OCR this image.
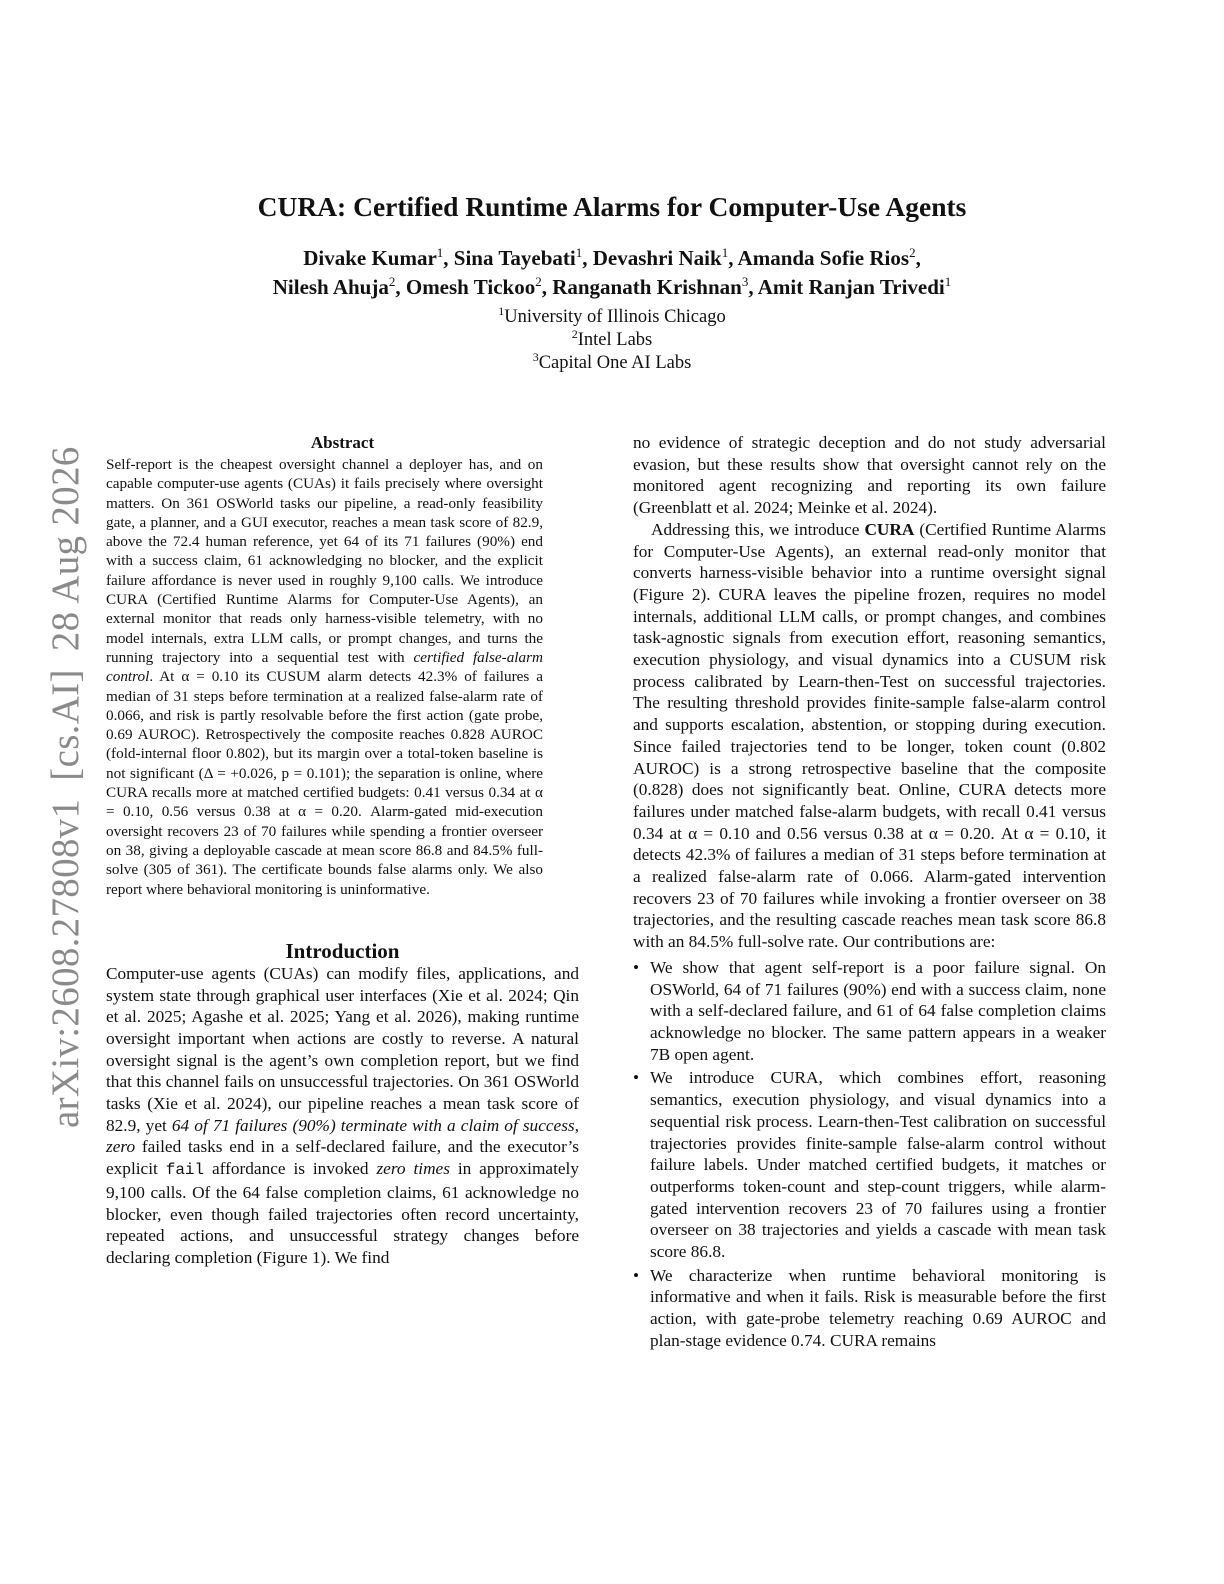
arXiv:2608.27808v1[cs.AI]28 Aug 2026
CURA: Certified Runtime Alarms for Computer-Use Agents
Divake Kumar$^1$, Sina Tayebati$^1$, Devashri Naik$^1$, Amanda Sofie Rios$^2$,
Nilesh Ahuja$^2$, Omesh Tickoo$^2$, Ranganath Krishnan$^3$, Amit Ranjan Trivedi$^1$
$^1$University of Illinois Chicago
$^2$Intel Labs
$^3$Capital One AI Labs
Abstract

Self-report is the cheapest oversight channel a deployer has, and on capable computer-use agents (CUAs) it fails precisely where oversight matters. On 361 OSWorld tasks our pipeline, a read-only feasibility gate, a planner, and a GUI executor, reaches a mean task score of 82.9, above the 72.4 human reference, yet 64 of its 71 failures (90%) end with a success claim, 61 acknowledging no blocker, and the explicit failure affordance is never used in roughly 9,100 calls. We introduce CURA (Certified Runtime Alarms for Computer-Use Agents), an external monitor that reads only harness-visible telemetry, with no model internals, extra LLM calls, or prompt changes, and turns the running trajectory into a sequential test with certified false-alarm control. At α = 0.10 its CUSUM alarm detects 42.3% of failures a median of 31 steps before termination at a realized false-alarm rate of 0.066, and risk is partly resolvable before the first action (gate probe, 0.69 AUROC). Retrospectively the composite reaches 0.828 AUROC (fold-internal floor 0.802), but its margin over a total-token baseline is not significant (Δ = +0.026, p = 0.101); the separation is online, where CURA recalls more at matched certified budgets: 0.41 versus 0.34 at α = 0.10, 0.56 versus 0.38 at α = 0.20. Alarm-gated mid-execution oversight recovers 23 of 70 failures while spending a frontier overseer on 38, giving a deployable cascade at mean score 86.8 and 84.5% full-solve (305 of 361). The certificate bounds false alarms only. We also report where behavioral monitoring is uninformative.

Introduction

Computer-use agents (CUAs) can modify files, applications, and system state through graphical user interfaces (Xie et al. 2024; Qin et al. 2025; Agashe et al. 2025; Yang et al. 2026), making runtime oversight important when actions are costly to reverse. A natural oversight signal is the agent’s own completion report, but we find that this channel fails on unsuccessful trajectories. On 361 OSWorld tasks (Xie et al. 2024), our pipeline reaches a mean task score of 82.9, yet 64 of 71 failures (90%) terminate with a claim of success, zero failed tasks end in a self-declared failure, and the executor’s explicit fail affordance is invoked zero times in approximately 9,100 calls. Of the 64 false completion claims, 61 acknowledge no blocker, even though failed trajectories often record uncertainty, repeated actions, and unsuccessful strategy changes before declaring completion (Figure 1). We find

no evidence of strategic deception and do not study adversarial evasion, but these results show that oversight cannot rely on the monitored agent recognizing and reporting its own failure (Greenblatt et al. 2024; Meinke et al. 2024).

Addressing this, we introduce CURA (Certified Runtime Alarms for Computer-Use Agents), an external read-only monitor that converts harness-visible behavior into a runtime oversight signal (Figure 2). CURA leaves the pipeline frozen, requires no model internals, additional LLM calls, or prompt changes, and combines task-agnostic signals from execution effort, reasoning semantics, execution physiology, and visual dynamics into a CUSUM risk process calibrated by Learn-then-Test on successful trajectories. The resulting threshold provides finite-sample false-alarm control and supports escalation, abstention, or stopping during execution. Since failed trajectories tend to be longer, token count (0.802 AUROC) is a strong retrospective baseline that the composite (0.828) does not significantly beat. Online, CURA detects more failures under matched false-alarm budgets, with recall 0.41 versus 0.34 at α = 0.10 and 0.56 versus 0.38 at α = 0.20. At α = 0.10, it detects 42.3% of failures a median of 31 steps before termination at a realized false-alarm rate of 0.066. Alarm-gated intervention recovers 23 of 70 failures while invoking a frontier overseer on 38 trajectories, and the resulting cascade reaches mean task score 86.8 with an 84.5% full-solve rate. Our contributions are:

• We show that agent self-report is a poor failure signal. On OSWorld, 64 of 71 failures (90%) end with a success claim, none with a self-declared failure, and 61 of 64 false completion claims acknowledge no blocker. The same pattern appears in a weaker 7B open agent.
• We introduce CURA, which combines effort, reasoning semantics, execution physiology, and visual dynamics into a sequential risk process. Learn-then-Test calibration on successful trajectories provides finite-sample false-alarm control without failure labels. Under matched certified budgets, it matches or outperforms token-count and step-count triggers, while alarm-gated intervention recovers 23 of 70 failures using a frontier overseer on 38 trajectories and yields a cascade with mean task score 86.8.
• We characterize when runtime behavioral monitoring is informative and when it fails. Risk is measurable before the first action, with gate-probe telemetry reaching 0.69 AUROC and plan-stage evidence 0.74. CURA remains
